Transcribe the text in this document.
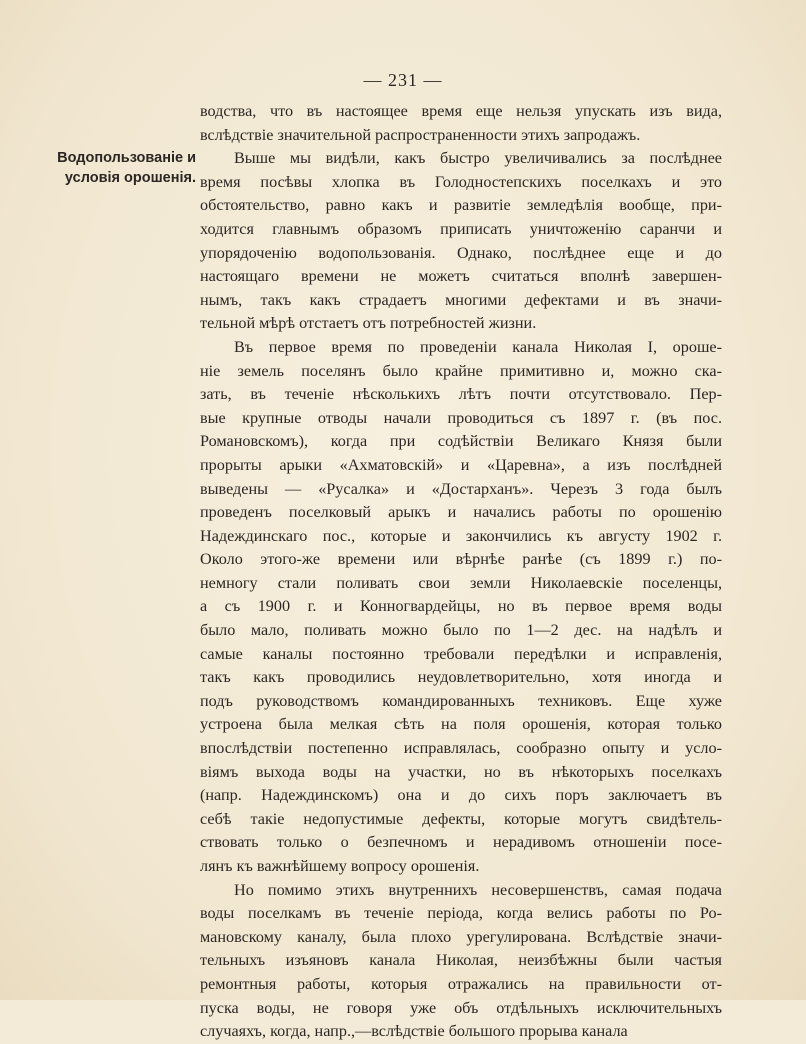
— 231 —
Водопользованіе и
условія орошенія.
водства, что въ настоящее время еще нельзя упускать изъ вида,
вслѣдствіе значительной распространенности этихъ запродажъ.
Выше мы видѣли, какъ быстро увеличивались за послѣднее
время посѣвы хлопка въ Голодностепскихъ поселкахъ и это
обстоятельство, равно какъ и развитіе земледѣлія вообще, при-
ходится главнымъ образомъ приписать уничтоженію саранчи и
упорядоченію водопользованія. Однако, послѣднее еще и до
настоящаго времени не можетъ считаться вполнѣ завершен-
нымъ, такъ какъ страдаетъ многими дефектами и въ значи-
тельной мѣрѣ отстаетъ отъ потребностей жизни.
Въ первое время по проведеніи канала Николая I, ороше-
ніе земель поселянъ было крайне примитивно и, можно ска-
зать, въ теченіе нѣсколькихъ лѣтъ почти отсутствовало. Пер-
вые крупные отводы начали проводиться съ 1897 г. (въ пос.
Романовскомъ), когда при содѣйствіи Великаго Князя были
прорыты арыки «Ахматовскій» и «Царевна», а изъ послѣдней
выведены — «Русалка» и «Достарханъ». Черезъ 3 года былъ
проведенъ поселковый арыкъ и начались работы по орошенію
Надеждинскаго пос., которые и закончились къ августу 1902 г.
Около этого-же времени или вѣрнѣе ранѣе (съ 1899 г.) по-
немногу стали поливать свои земли Николаевскіе поселенцы,
а съ 1900 г. и Конногвардейцы, но въ первое время воды
было мало, поливать можно было по 1—2 дес. на надѣлъ и
самые каналы постоянно требовали передѣлки и исправленія,
такъ какъ проводились неудовлетворительно, хотя иногда и
подъ руководствомъ командированныхъ техниковъ. Еще хуже
устроена была мелкая сѣть на поля орошенія, которая только
впослѣдствіи постепенно исправлялась, сообразно опыту и усло-
віямъ выхода воды на участки, но въ нѣкоторыхъ поселкахъ
(напр. Надеждинскомъ) она и до сихъ поръ заключаетъ въ
себѣ такіе недопустимые дефекты, которые могутъ свидѣтель-
ствовать только о безпечномъ и нерадивомъ отношеніи посе-
лянъ къ важнѣйшему вопросу орошенія.
Но помимо этихъ внутреннихъ несовершенствъ, самая подача
воды поселкамъ въ теченіе періода, когда велись работы по Ро-
мановскому каналу, была плохо урегулирована. Вслѣдствіе значи-
тельныхъ изъяновъ канала Николая, неизбѣжны были частыя
ремонтныя работы, которыя отражались на правильности от-
пуска воды, не говоря уже объ отдѣльныхъ исключительныхъ
случаяхъ, когда, напр.,—вслѣдствіе большого прорыва канала
